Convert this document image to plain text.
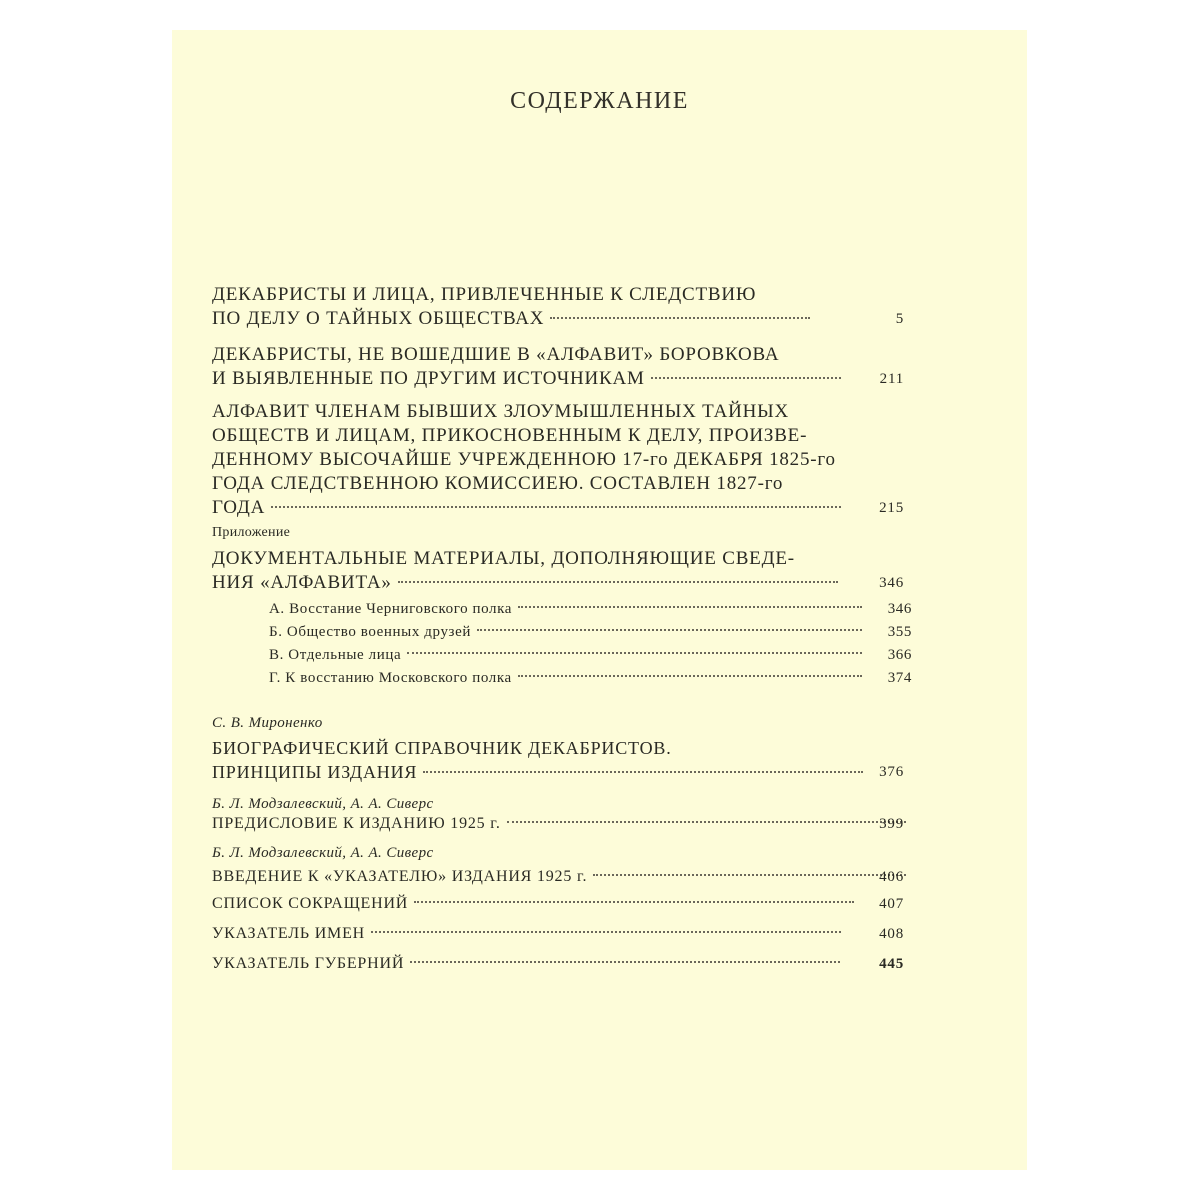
СОДЕРЖАНИЕ
ДЕКАБРИСТЫ И ЛИЦА, ПРИВЛЕЧЕННЫЕ К СЛЕДСТВИЮ
ПО ДЕЛУ О ТАЙНЫХ ОБЩЕСТВАХ	5
ДЕКАБРИСТЫ, НЕ ВОШЕДШИЕ В «АЛФАВИТ» БОРОВКОВА
И ВЫЯВЛЕННЫЕ ПО ДРУГИМ ИСТОЧНИКАМ	211
АЛФАВИТ ЧЛЕНАМ БЫВШИХ ЗЛОУМЫШЛЕННЫХ ТАЙНЫХ
ОБЩЕСТВ И ЛИЦАМ, ПРИКОСНОВЕННЫМ К ДЕЛУ, ПРОИЗВЕ-
ДЕННОМУ ВЫСОЧАЙШЕ УЧРЕЖДЕННОЮ 17-го ДЕКАБРЯ 1825-го
ГОДА СЛЕДСТВЕННОЮ КОМИССИЕЮ. СОСТАВЛЕН 1827-го
ГОДА	215
Приложение
ДОКУМЕНТАЛЬНЫЕ МАТЕРИАЛЫ, ДОПОЛНЯЮЩИЕ СВЕДЕ-
НИЯ «АЛФАВИТА»	346
А. Восстание Черниговского полка	346
Б. Общество военных друзей	355
В. Отдельные лица	366
Г. К восстанию Московского полка	374
С. В. Мироненко
БИОГРАФИЧЕСКИЙ СПРАВОЧНИК ДЕКАБРИСТОВ.
ПРИНЦИПЫ ИЗДАНИЯ	376
Б. Л. Модзалевский, А. А. Сиверс
ПРЕДИСЛОВИЕ К ИЗДАНИЮ 1925 г.	399
Б. Л. Модзалевский, А. А. Сиверс
ВВЕДЕНИЕ К «УКАЗАТЕЛЮ» ИЗДАНИЯ 1925 г.	406
СПИСОК СОКРАЩЕНИЙ	407
УКАЗАТЕЛЬ ИМЕН	408
УКАЗАТЕЛЬ ГУБЕРНИЙ	445
